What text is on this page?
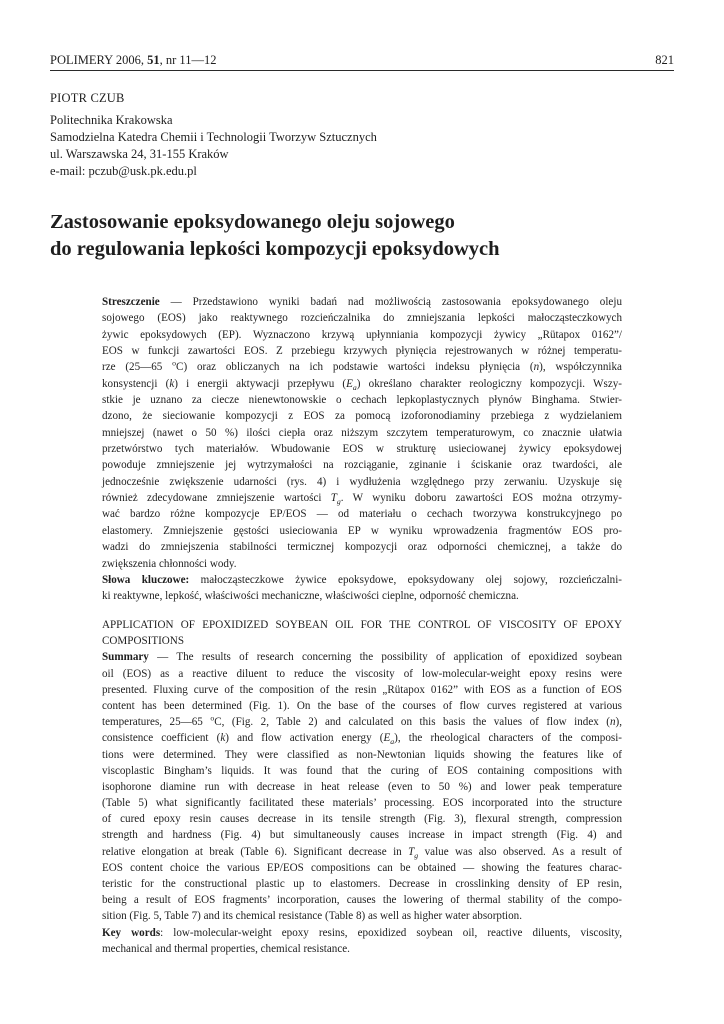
POLIMERY 2006, 51, nr 11—12	821
PIOTR CZUB
Politechnika Krakowska
Samodzielna Katedra Chemii i Technologii Tworzyw Sztucznych
ul. Warszawska 24, 31-155 Kraków
e-mail: pczub@usk.pk.edu.pl
Zastosowanie epoksydowanego oleju sojowego
do regulowania lepkości kompozycji epoksydowych
Streszczenie — Przedstawiono wyniki badań nad możliwością zastosowania epoksydowanego oleju
sojowego (EOS) jako reaktywnego rozcieńczalnika do zmniejszania lepkości małocząsteczkowych
żywic epoksydowych (EP). Wyznaczono krzywą upłynniania kompozycji żywicy „Rütapox 0162”/
EOS w funkcji zawartości EOS. Z przebiegu krzywych płynięcia rejestrowanych w różnej temperatu-
rze (25—65 $^o$C) oraz obliczanych na ich podstawie wartości indeksu płynięcia (n), współczynnika
konsystencji (k) i energii aktywacji przepływu $(E_a)$ określano charakter reologiczny kompozycji. Wszy-
stkie je uznano za ciecze nienewtonowskie o cechach lepkoplastycznych płynów Binghama. Stwier-
dzono, że sieciowanie kompozycji z EOS za pomocą izoforonodiaminy przebiega z wydzielaniem
mniejszej (nawet o 50 %) ilości ciepła oraz niższym szczytem temperaturowym, co znacznie ułatwia
przetwórstwo tych materiałów. Wbudowanie EOS w strukturę usieciowanej żywicy epoksydowej
powoduje zmniejszenie jej wytrzymałości na rozciąganie, zginanie i ściskanie oraz twardości, ale
jednocześnie zwiększenie udarności (rys. 4) i wydłużenia względnego przy zerwaniu. Uzyskuje się
również zdecydowane zmniejszenie wartości $T_g$. W wyniku doboru zawartości EOS można otrzymy-
wać bardzo różne kompozycje EP/EOS — od materiału o cechach tworzywa konstrukcyjnego po
elastomery. Zmniejszenie gęstości usieciowania EP w wyniku wprowadzenia fragmentów EOS pro-
wadzi do zmniejszenia stabilności termicznej kompozycji oraz odporności chemicznej, a także do
zwiększenia chłonności wody.
Słowa kluczowe: małocząsteczkowe żywice epoksydowe, epoksydowany olej sojowy, rozcieńczalni-
ki reaktywne, lepkość, właściwości mechaniczne, właściwości cieplne, odporność chemiczna.
APPLICATION OF EPOXIDIZED SOYBEAN OIL FOR THE CONTROL OF VISCOSITY OF EPOXY
COMPOSITIONS
Summary — The results of research concerning the possibility of application of epoxidized soybean
oil (EOS) as a reactive diluent to reduce the viscosity of low-molecular-weight epoxy resins were
presented. Fluxing curve of the composition of the resin „Rütapox 0162” with EOS as a function of EOS
content has been determined (Fig. 1). On the base of the courses of flow curves registered at various
temperatures, 25—65 $^o$C, (Fig. 2, Table 2) and calculated on this basis the values of flow index (n),
consistence coefficient (k) and flow activation energy $(E_a)$, the rheological characters of the composi-
tions were determined. They were classified as non-Newtonian liquids showing the features like of
viscoplastic Bingham’s liquids. It was found that the curing of EOS containing compositions with
isophorone diamine run with decrease in heat release (even to 50 %) and lower peak temperature
(Table 5) what significantly facilitated these materials’ processing. EOS incorporated into the structure
of cured epoxy resin causes decrease in its tensile strength (Fig. 3), flexural strength, compression
strength and hardness (Fig. 4) but simultaneously causes increase in impact strength (Fig. 4) and
relative elongation at break (Table 6). Significant decrease in $T_g$ value was also observed. As a result of
EOS content choice the various EP/EOS compositions can be obtained — showing the features charac-
teristic for the constructional plastic up to elastomers. Decrease in crosslinking density of EP resin,
being a result of EOS fragments’ incorporation, causes the lowering of thermal stability of the compo-
sition (Fig. 5, Table 7) and its chemical resistance (Table 8) as well as higher water absorption.
Key words: low-molecular-weight epoxy resins, epoxidized soybean oil, reactive diluents, viscosity,
mechanical and thermal properties, chemical resistance.
